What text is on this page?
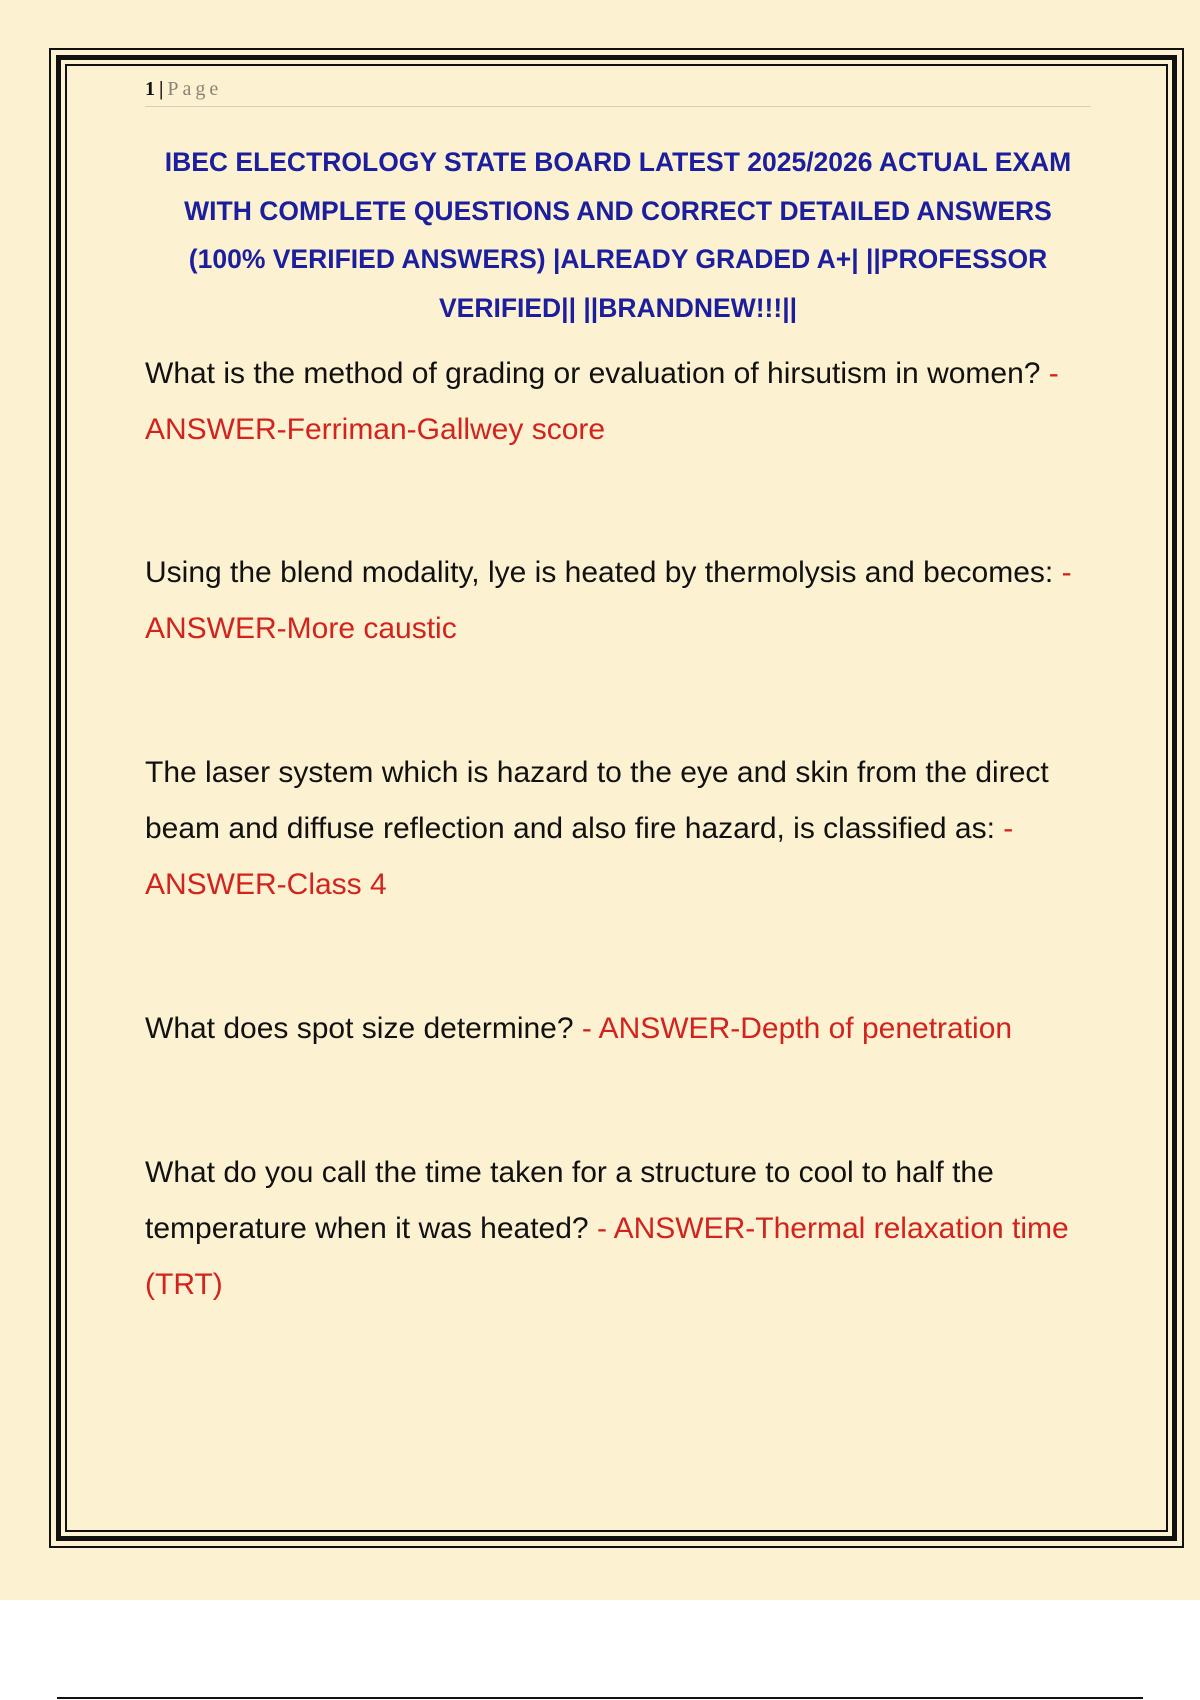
1 | Page
IBEC ELECTROLOGY STATE BOARD LATEST 2025/2026 ACTUAL EXAM WITH COMPLETE QUESTIONS AND CORRECT DETAILED ANSWERS (100% VERIFIED ANSWERS) |ALREADY GRADED A+| ||PROFESSOR VERIFIED|| ||BRANDNEW!!!||
What is the method of grading or evaluation of hirsutism in women? - ANSWER-Ferriman-Gallwey score
Using the blend modality, lye is heated by thermolysis and becomes: - ANSWER-More caustic
The laser system which is hazard to the eye and skin from the direct beam and diffuse reflection and also fire hazard, is classified as: - ANSWER-Class 4
What does spot size determine? - ANSWER-Depth of penetration
What do you call the time taken for a structure to cool to half the temperature when it was heated? - ANSWER-Thermal relaxation time (TRT)
